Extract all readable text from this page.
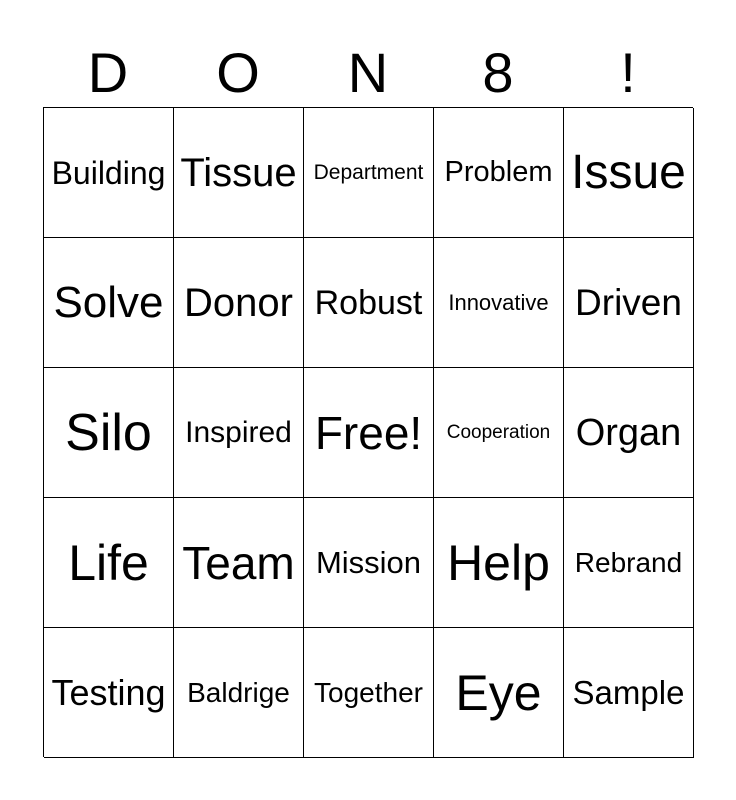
D	O	N	8	!
Building Tissue Department Problem Issue
Solve Donor Robust	Innovative Driven
Silo	Inspired Free!	Cooperation Organ
Life Team Mission Help Rebrand
Testing Baldrige Together Eye Sample
